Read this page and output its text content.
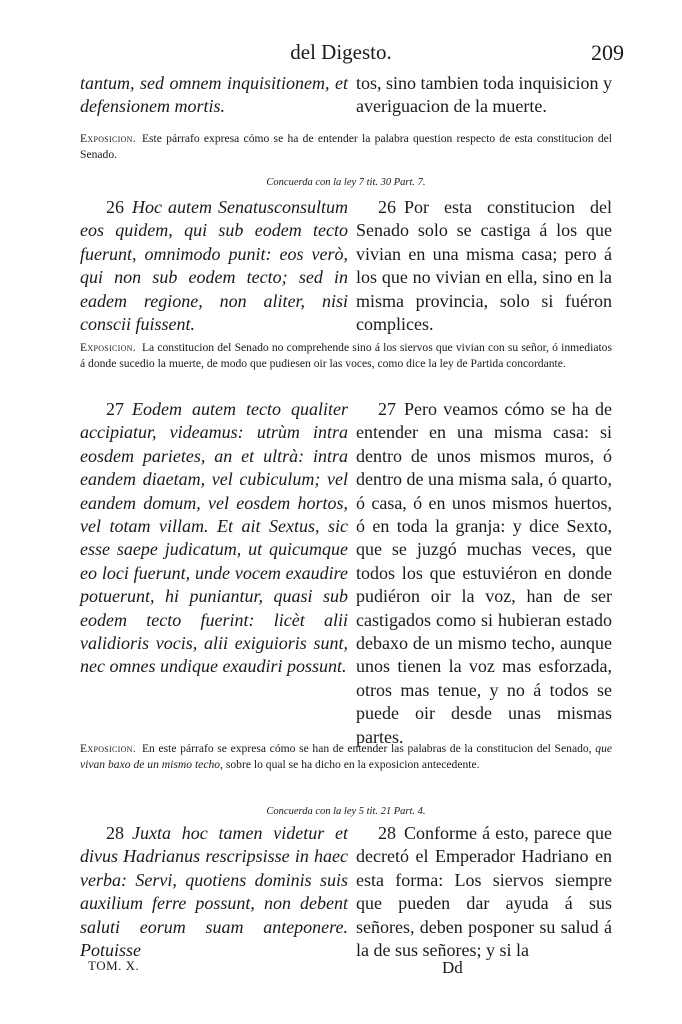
del Digesto.	209
tantum, sed omnem inquisitionem, et defensionem mortis.
tos, sino tambien toda inquisicion y averiguacion de la muerte.
Exposicion. Este párrafo expresa cómo se ha de entender la palabra question respecto de esta constitucion del Senado.
Concuerda con la ley 7 tit. 30 Part. 7.
26 Hoc autem Senatusconsultum eos quidem, qui sub eodem tecto fuerunt, omnimodo punit: eos verò, qui non sub eodem tecto; sed in eadem regione, non aliter, nisi conscii fuissent.
26 Por esta constitucion del Senado solo se castiga á los que vivian en una misma casa; pero á los que no vivian en ella, sino en la misma provincia, solo si fuéron complices.
Exposicion. La constitucion del Senado no comprehende sino á los siervos que vivian con su señor, ó inmediatos á donde sucedio la muerte, de modo que pudiesen oir las voces, como dice la ley de Partida concordante.
27 Eodem autem tecto qualiter accipiatur, videamus: utrùm intra eosdem parietes, an et ultrà: intra eandem diaetam, vel cubiculum; vel eandem domum, vel eosdem hortos, vel totam villam. Et ait Sextus, sic esse saepe judicatum, ut quicumque eo loci fuerunt, unde vocem exaudire potuerunt, hi puniantur, quasi sub eodem tecto fuerint: licèt alii validioris vocis, alii exiguioris sunt, nec omnes undique exaudiri possunt.
27 Pero veamos cómo se ha de entender en una misma casa: si dentro de unos mismos muros, ó dentro de una misma sala, ó quarto, ó casa, ó en unos mismos huertos, ó en toda la granja: y dice Sexto, que se juzgó muchas veces, que todos los que estuviéron en donde pudiéron oir la voz, han de ser castigados como si hubieran estado debaxo de un mismo techo, aunque unos tienen la voz mas esforzada, otros mas tenue, y no á todos se puede oir desde unas mismas partes.
Exposicion. En este párrafo se expresa cómo se han de entender las palabras de la constitucion del Senado, que vivan baxo de un mismo techo, sobre lo qual se ha dicho en la exposicion antecedente.
Concuerda con la ley 5 tit. 21 Part. 4.
28 Juxta hoc tamen videtur et divus Hadrianus rescripsisse in haec verba: Servi, quotiens dominis suis auxilium ferre possunt, non debent saluti eorum suam anteponere. Potuisse
28 Conforme á esto, parece que decretó el Emperador Hadriano en esta forma: Los siervos siempre que pueden dar ayuda á sus señores, deben posponer su salud á la de sus señores; y si la
TOM. X.	Dd
